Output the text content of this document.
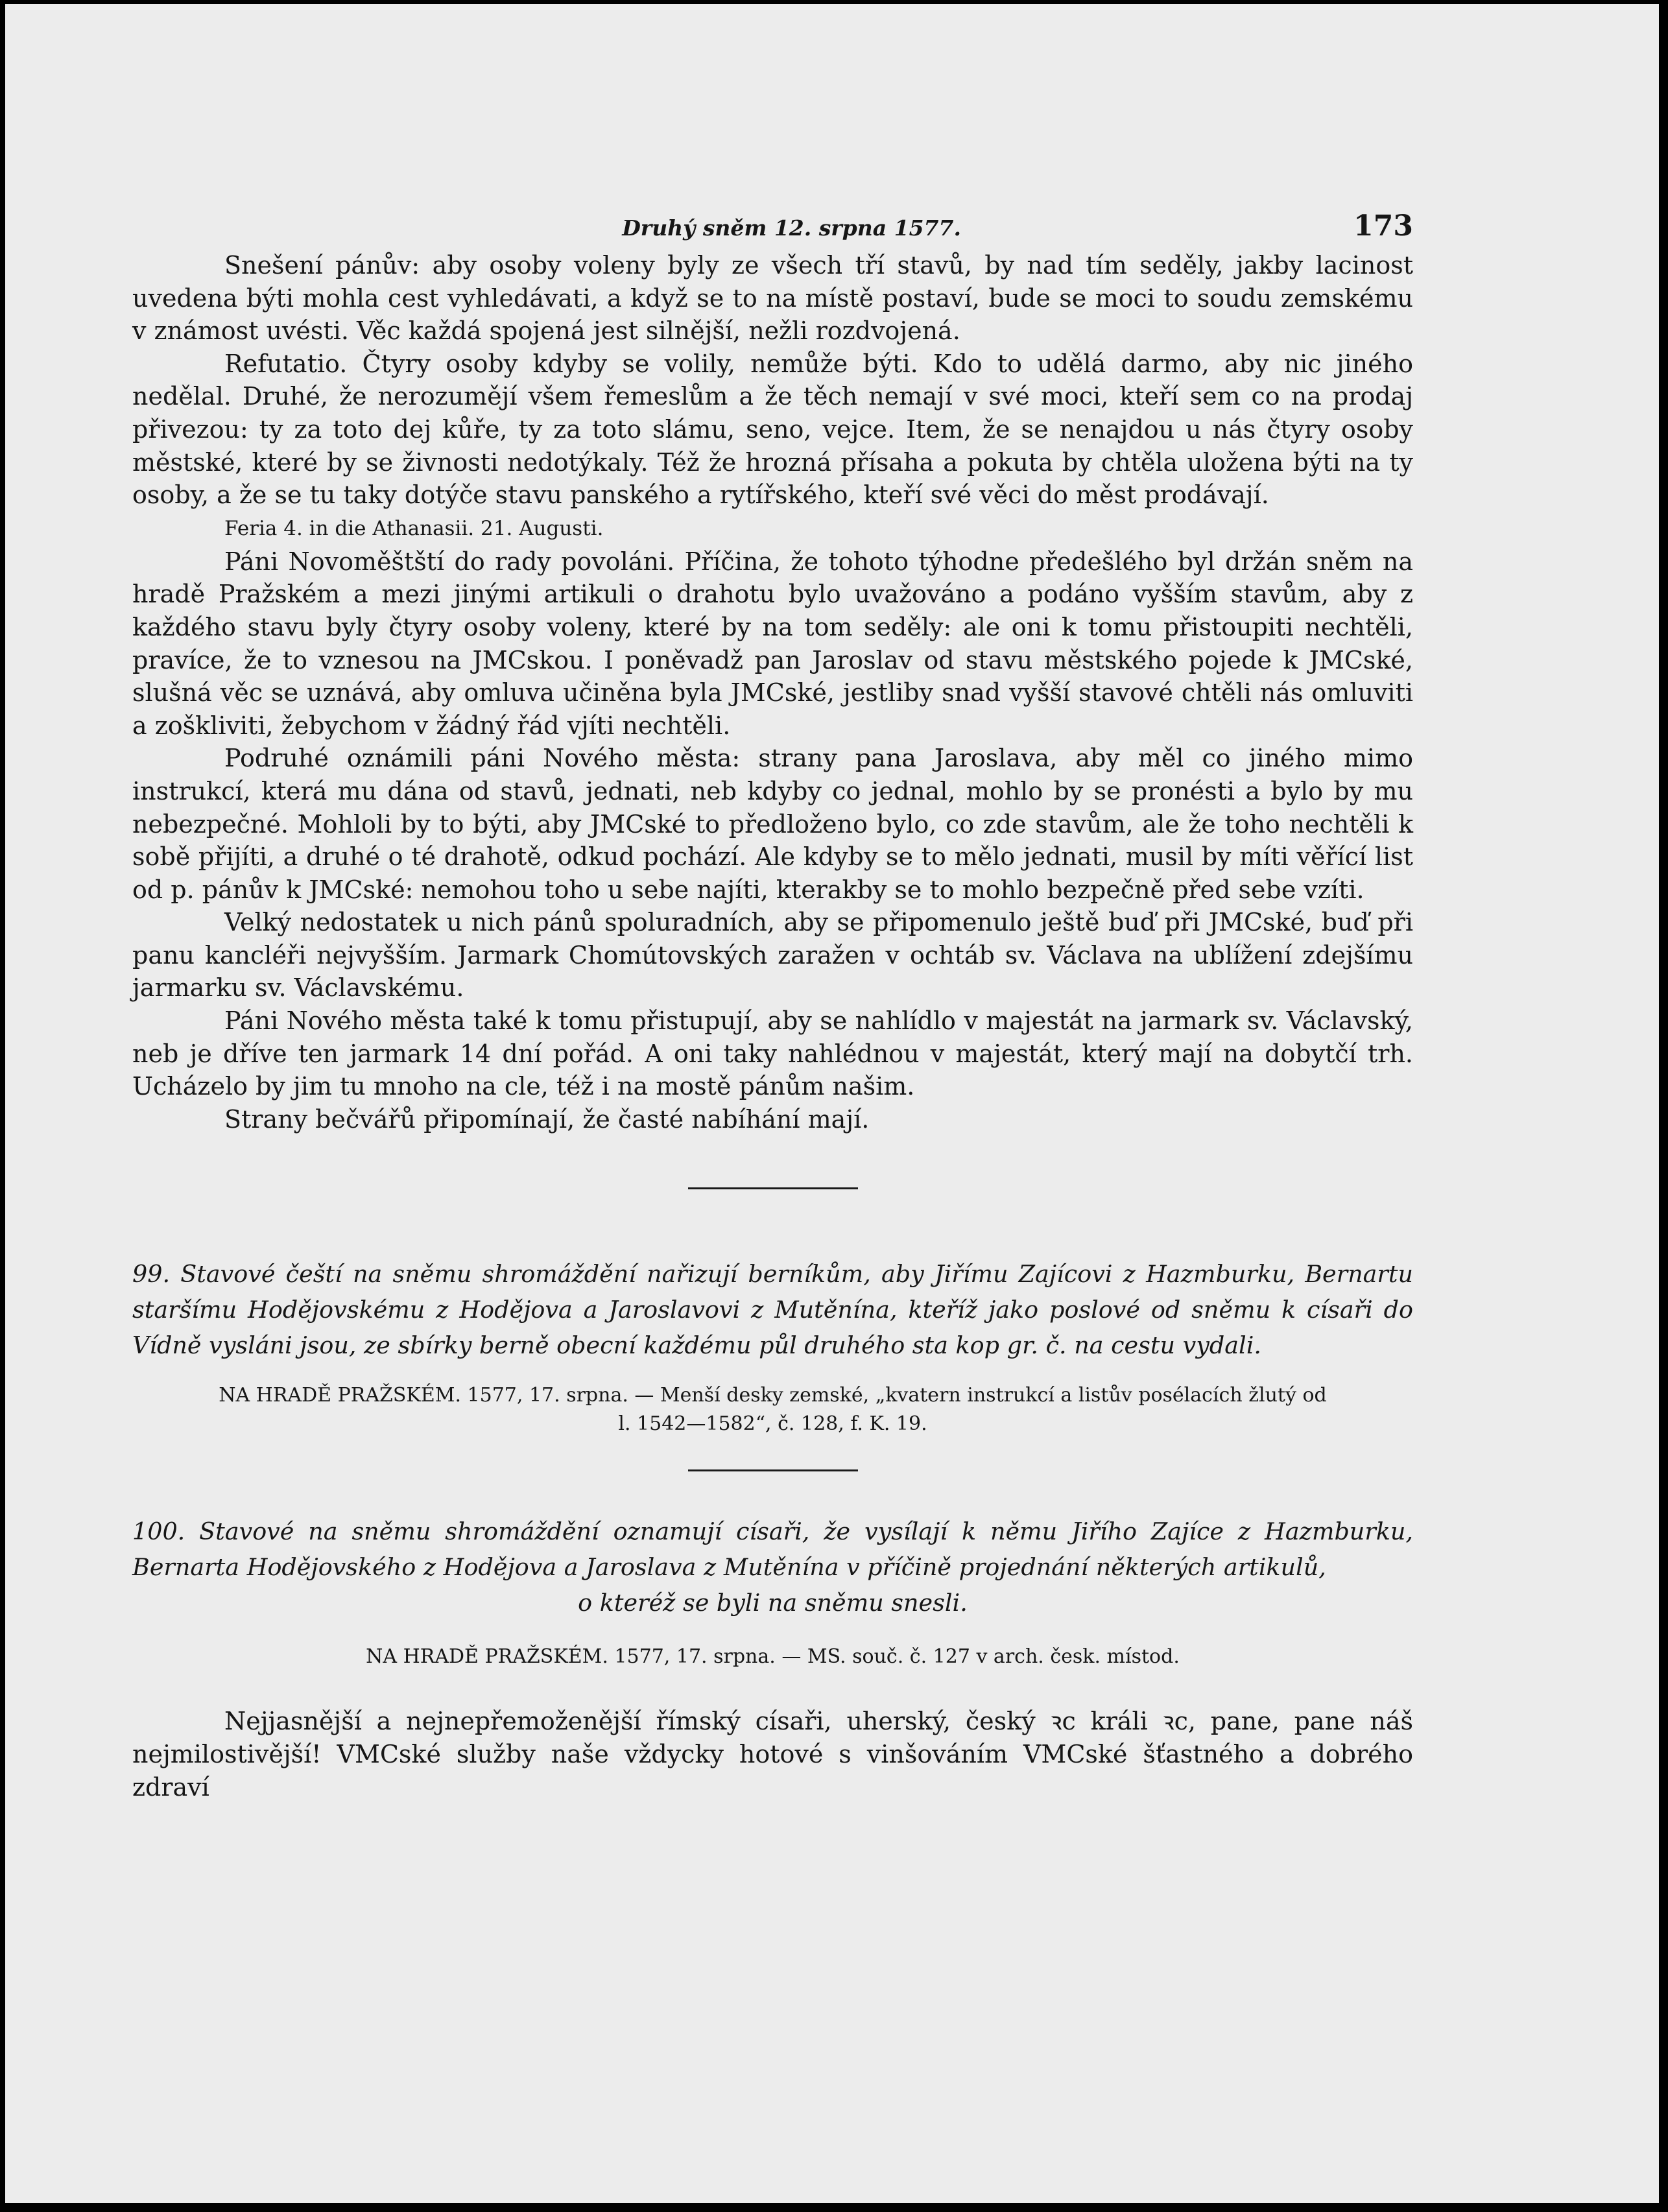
Druhý sněm 12. srpna 1577.	173

Snešení pánův: aby osoby voleny byly ze všech tří stavů, by nad tím seděly, jakby lacinost uvedena býti mohla cest vyhledávati, a když se to na místě postaví, bude se moci to soudu zemskému v známost uvésti. Věc každá spojená jest silnější, nežli rozdvojená.

Refutatio. Čtyry osoby kdyby se volily, nemůže býti. Kdo to udělá darmo, aby nic jiného nedělal. Druhé, že nerozumějí všem řemeslům a že těch nemají v své moci, kteří sem co na prodaj přivezou: ty za toto dej kůře, ty za toto slámu, seno, vejce. Item, že se nenajdou u nás čtyry osoby městské, které by se živnosti nedotýkaly. Též že hrozná přísaha a pokuta by chtěla uložena býti na ty osoby, a že se tu taky dotýče stavu panského a rytířského, kteří své věci do měst prodávají.

Feria 4. in die Athanasii. 21. Augusti.

Páni Novoměštští do rady povoláni. Příčina, že tohoto týhodne předešlého byl držán sněm na hradě Pražském a mezi jinými artikuli o drahotu bylo uvažováno a podáno vyšším stavům, aby z každého stavu byly čtyry osoby voleny, které by na tom seděly: ale oni k tomu přistoupiti nechtěli, pravíce, že to vznesou na JMCskou. I poněvadž pan Jaroslav od stavu městského pojede k JMCské, slušná věc se uznává, aby omluva učiněna byla JMCské, jestliby snad vyšší stavové chtěli nás omluviti a zoškliviti, žebychom v žádný řád vjíti nechtěli.

Podruhé oznámili páni Nového města: strany pana Jaroslava, aby měl co jiného mimo instrukcí, která mu dána od stavů, jednati, neb kdyby co jednal, mohlo by se pronésti a bylo by mu nebezpečné. Mohloli by to býti, aby JMCské to předloženo bylo, co zde stavům, ale že toho nechtěli k sobě přijíti, a druhé o té drahotě, odkud pochází. Ale kdyby se to mělo jednati, musil by míti věřící list od p. pánův k JMCské: nemohou toho u sebe najíti, kterakby se to mohlo bezpečně před sebe vzíti.

Velký nedostatek u nich pánů spoluradních, aby se připomenulo ještě buď při JMCské, buď při panu kancléři nejvyšším. Jarmark Chomútovských zaražen v ochtáb sv. Václava na ublížení zdejšímu jarmarku sv. Václavskému.

Páni Nového města také k tomu přistupují, aby se nahlídlo v majestát na jarmark sv. Václavský, neb je dříve ten jarmark 14 dní pořád. A oni taky nahlédnou v majestát, který mají na dobytčí trh. Ucházelo by jim tu mnoho na cle, též i na mostě pánům našim.

Strany bečvářů připomínají, že časté nabíhání mají.

99. Stavové čeští na sněmu shromáždění nařizují berníkům, aby Jiřímu Zajícovi z Hazmburku, Bernartu staršímu Hodějovskému z Hodějova a Jaroslavovi z Mutěnína, kteříž jako poslové od sněmu k císaři do Vídně vysláni jsou, ze sbírky berně obecní každému půl druhého sta kop gr. č. na cestu vydali.
NA HRADĚ PRAŽSKÉM. 1577, 17. srpna. — Menší desky zemské, „kvatern instrukcí a listův posélacích žlutý od
l. 1542—1582“, č. 128, f. K. 19.
100. Stavové na sněmu shromáždění oznamují císaři, že vysílají k němu Jiřího Zajíce z Hazmburku, Bernarta Hodějovského z Hodějova a Jaroslava z Mutěnína v příčině projednání některých artikulů,
o kteréž se byli na sněmu snesli.
NA HRADĚ PRAŽSKÉM. 1577, 17. srpna. — MS. souč. č. 127 v arch. česk. místod.

Nejjasnější a nejnepřemoženější římský císaři, uherský, český ꝛc králi ꝛc, pane, pane náš nejmilostivější! VMCské služby naše vždycky hotové s vinšováním VMCské šťastného a dobrého zdraví
